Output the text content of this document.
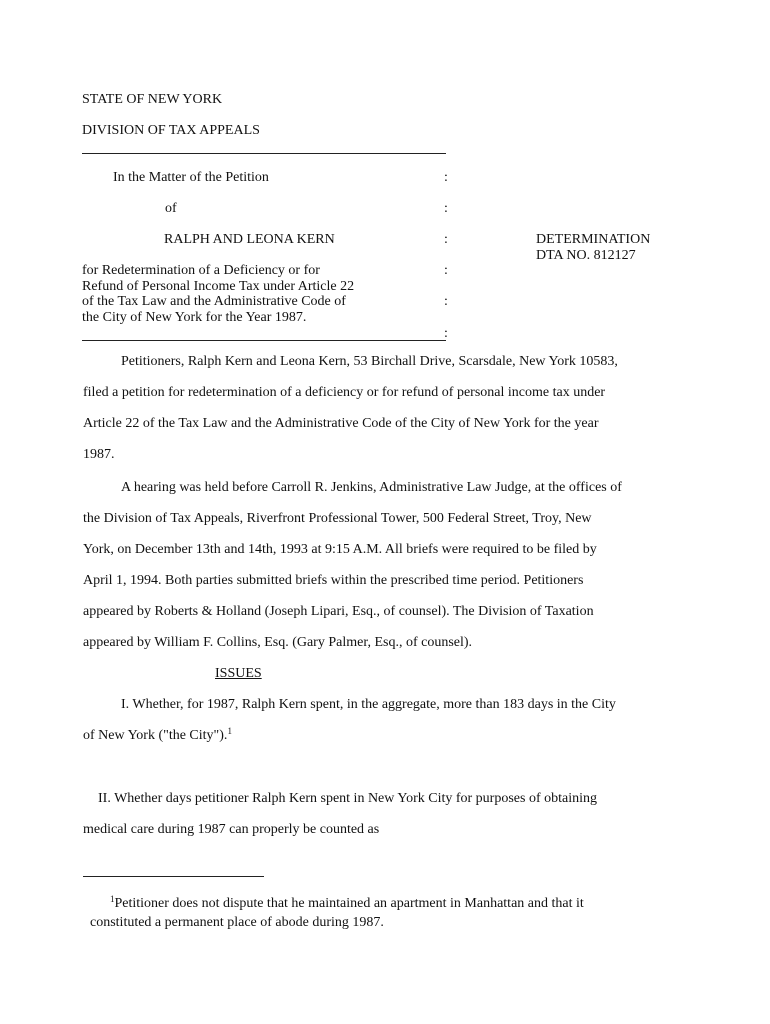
STATE OF NEW YORK
DIVISION OF TAX APPEALS
In the Matter of the Petition	:
of	:
RALPH AND LEONA KERN	:	DETERMINATION
DTA NO. 812127
for Redetermination of a Deficiency or for	:
Refund of Personal Income Tax under Article 22
of the Tax Law and the Administrative Code of	:
the City of New York for the Year 1987.
:
Petitioners, Ralph Kern and Leona Kern, 53 Birchall Drive, Scarsdale, New York 10583,
filed a petition for redetermination of a deficiency or for refund of personal income tax under
Article 22 of the Tax Law and the Administrative Code of the City of New York for the year
1987.
A hearing was held before Carroll R. Jenkins, Administrative Law Judge, at the offices of
the Division of Tax Appeals, Riverfront Professional Tower, 500 Federal Street, Troy, New
York, on December 13th and 14th, 1993 at 9:15 A.M. All briefs were required to be filed by
April 1, 1994. Both parties submitted briefs within the prescribed time period. Petitioners
appeared by Roberts & Holland (Joseph Lipari, Esq., of counsel). The Division of Taxation
appeared by William F. Collins, Esq. (Gary Palmer, Esq., of counsel).
ISSUES
I. Whether, for 1987, Ralph Kern spent, in the aggregate, more than 183 days in the City
of New York ("the City").$^1$
II. Whether days petitioner Ralph Kern spent in New York City for purposes of obtaining
medical care during 1987 can properly be counted as
$^1$Petitioner does not dispute that he maintained an apartment in Manhattan and that it
constituted a permanent place of abode during 1987.
